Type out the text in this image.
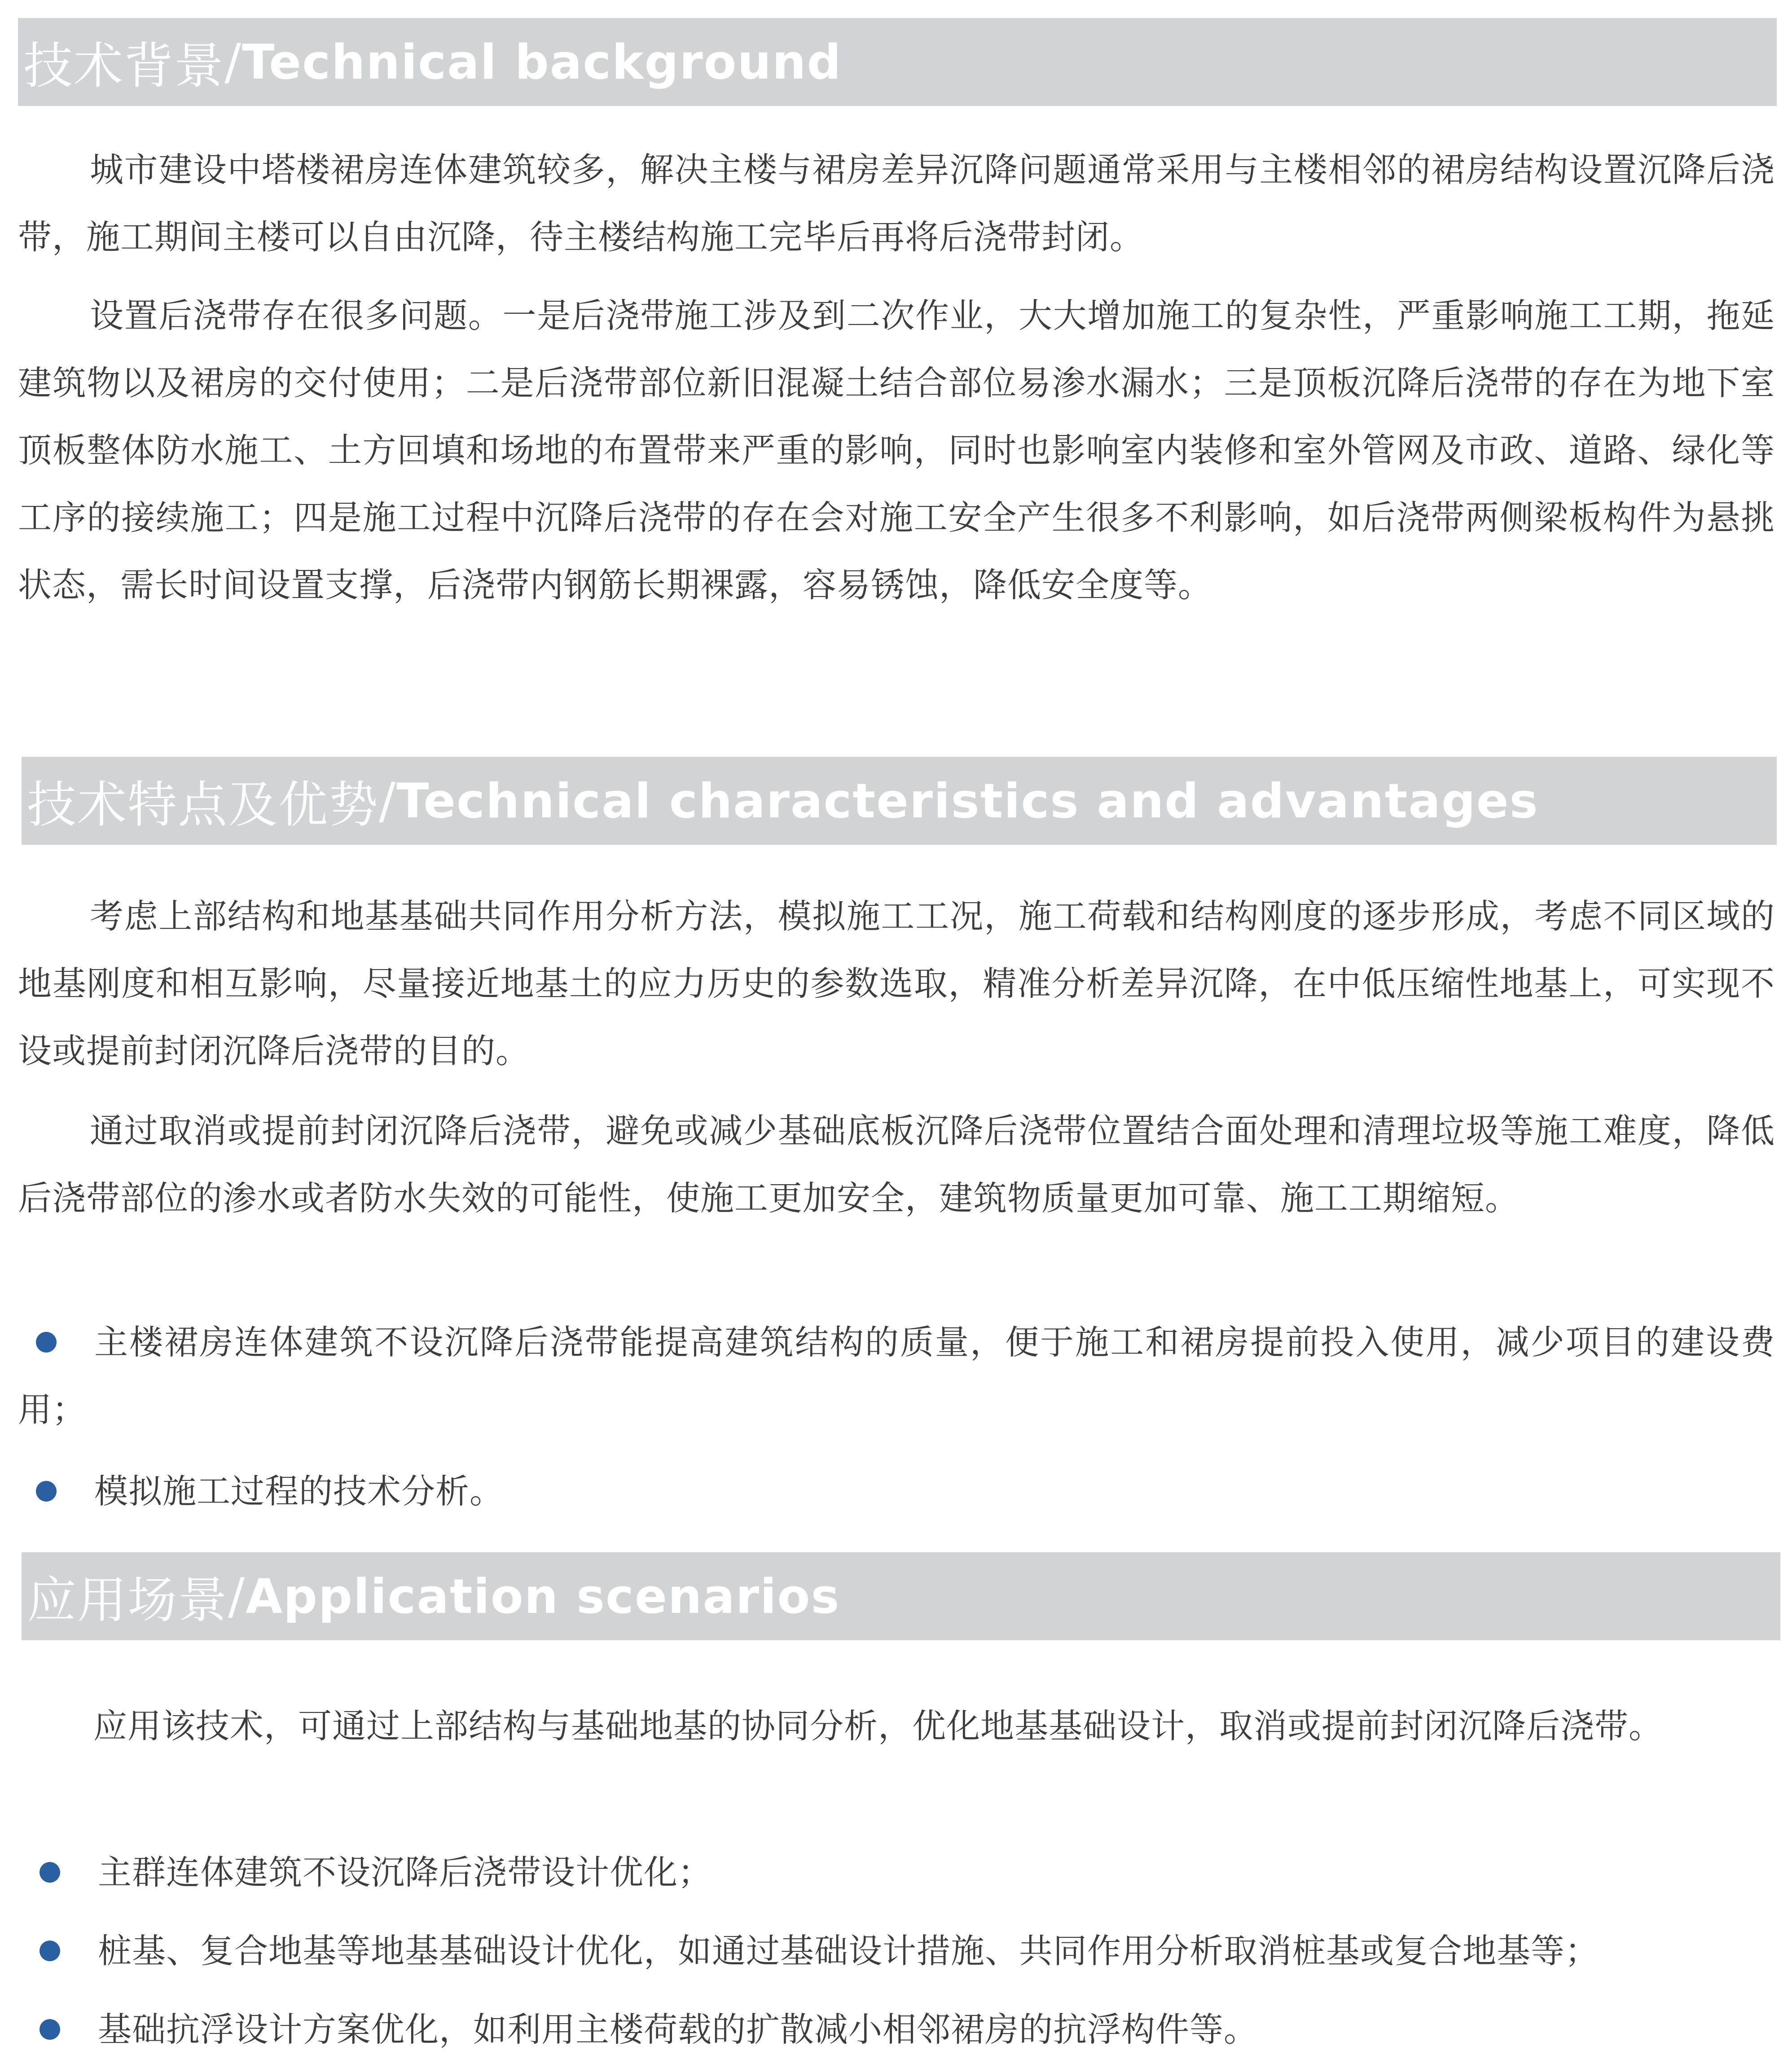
技术背景 / Technical background

城市建设中塔楼裙房连体建筑较多，解决主楼与裙房差异沉降问题通常采用与主楼相邻的裙房结构设置沉降后浇带，施工期间主楼可以自由沉降，待主楼结构施工完毕后再将后浇带封闭。

设置后浇带存在很多问题。一是后浇带施工涉及到二次作业，大大增加施工的复杂性，严重影响施工工期，拖延建筑物以及裙房的交付使用；二是后浇带部位新旧混凝土结合部位易渗水漏水；三是顶板沉降后浇带的存在为地下室顶板整体防水施工、土方回填和场地的布置带来严重的影响，同时也影响室内装修和室外管网及市政、道路、绿化等工序的接续施工；四是施工过程中沉降后浇带的存在会对施工安全产生很多不利影响，如后浇带两侧梁板构件为悬挑状态，需长时间设置支撑，后浇带内钢筋长期裸露，容易锈蚀，降低安全度等。

技术特点及优势 / Technical characteristics and advantages

考虑上部结构和地基基础共同作用分析方法，模拟施工工况，施工荷载和结构刚度的逐步形成，考虑不同区域的地基刚度和相互影响，尽量接近地基土的应力历史的参数选取，精准分析差异沉降，在中低压缩性地基上，可实现不设或提前封闭沉降后浇带的目的。

通过取消或提前封闭沉降后浇带，避免或减少基础底板沉降后浇带位置结合面处理和清理垃圾等施工难度，降低后浇带部位的渗水或者防水失效的可能性，使施工更加安全，建筑物质量更加可靠、施工工期缩短。

主楼裙房连体建筑不设沉降后浇带能提高建筑结构的质量，便于施工和裙房提前投入使用，减少项目的建设费用；
模拟施工过程的技术分析。
应用场景 / Application scenarios

应用该技术，可通过上部结构与基础地基的协同分析，优化地基基础设计，取消或提前封闭沉降后浇带。

主群连体建筑不设沉降后浇带设计优化；
桩基、复合地基等地基基础设计优化，如通过基础设计措施、共同作用分析取消桩基或复合地基等；
基础抗浮设计方案优化，如利用主楼荷载的扩散减小相邻裙房的抗浮构件等。
